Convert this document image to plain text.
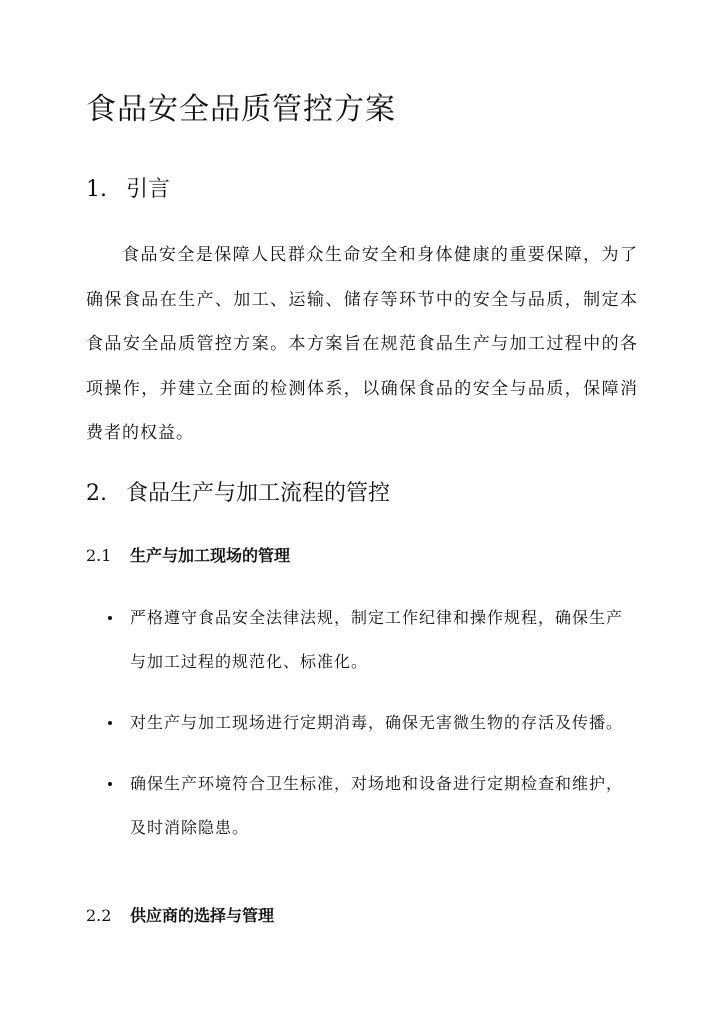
食品安全品质管控方案
1. 引言

食品安全是保障人民群众生命安全和身体健康的重要保障，为了确保食品在生产、加工、运输、储存等环节中的安全与品质，制定本食品安全品质管控方案。本方案旨在规范食品生产与加工过程中的各项操作，并建立全面的检测体系，以确保食品的安全与品质，保障消费者的权益。

2. 食品生产与加工流程的管控
2.1 生产与加工现场的管理
严格遵守食品安全法律法规，制定工作纪律和操作规程，确保生产与加工过程的规范化、标准化。
对生产与加工现场进行定期消毒，确保无害微生物的存活及传播。
确保生产环境符合卫生标准，对场地和设备进行定期检查和维护，及时消除隐患。
2.2 供应商的选择与管理
